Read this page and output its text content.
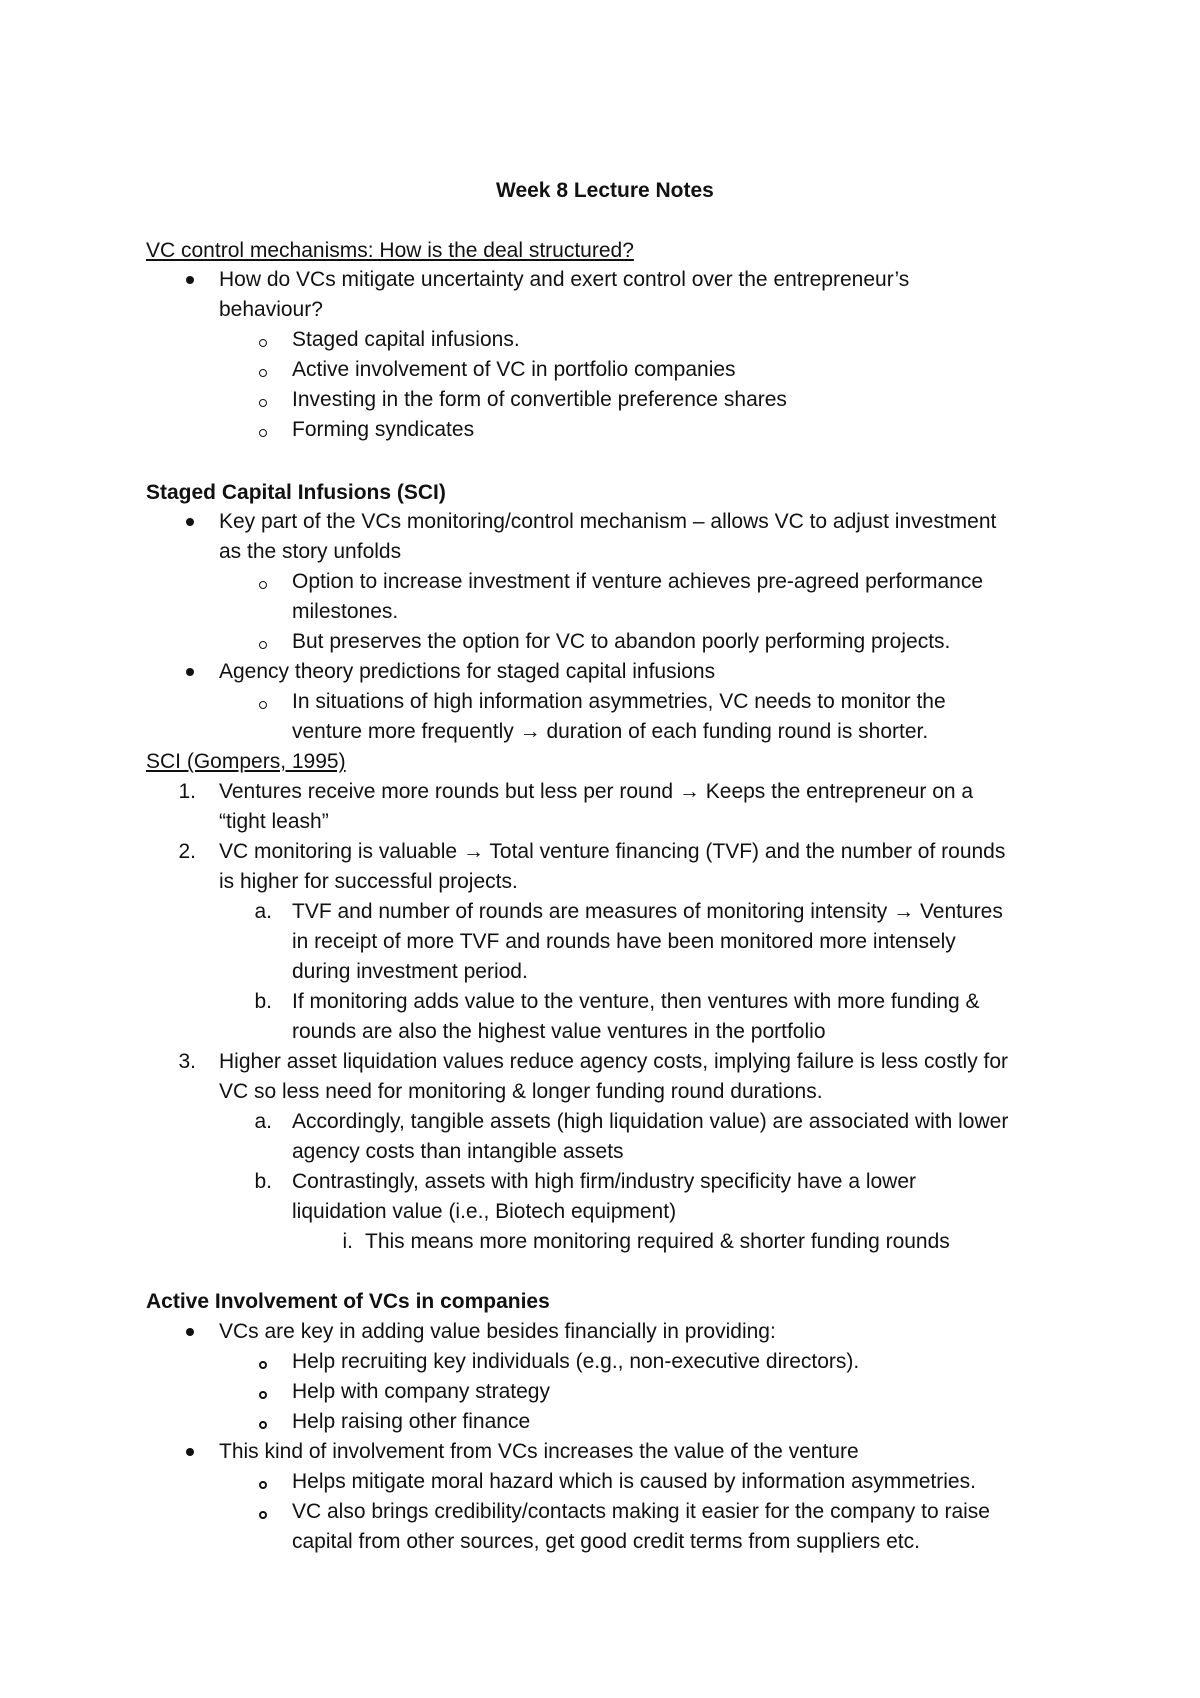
Week 8 Lecture Notes
VC control mechanisms: How is the deal structured?
How do VCs mitigate uncertainty and exert control over the entrepreneur’s
behaviour?
Staged capital infusions.
Active involvement of VC in portfolio companies
Investing in the form of convertible preference shares
Forming syndicates
Staged Capital Infusions (SCI)
Key part of the VCs monitoring/control mechanism – allows VC to adjust investment
as the story unfolds
Option to increase investment if venture achieves pre-agreed performance
milestones.
But preserves the option for VC to abandon poorly performing projects.
Agency theory predictions for staged capital infusions
In situations of high information asymmetries, VC needs to monitor the
venture more frequently → duration of each funding round is shorter.
SCI (Gompers, 1995)
1. Ventures receive more rounds but less per round → Keeps the entrepreneur on a
“tight leash”
2. VC monitoring is valuable → Total venture financing (TVF) and the number of rounds
is higher for successful projects.
a. TVF and number of rounds are measures of monitoring intensity → Ventures
in receipt of more TVF and rounds have been monitored more intensely
during investment period.
b. If monitoring adds value to the venture, then ventures with more funding &
rounds are also the highest value ventures in the portfolio
3. Higher asset liquidation values reduce agency costs, implying failure is less costly for
VC so less need for monitoring & longer funding round durations.
a. Accordingly, tangible assets (high liquidation value) are associated with lower
agency costs than intangible assets
b. Contrastingly, assets with high firm/industry specificity have a lower
liquidation value (i.e., Biotech equipment)
i. This means more monitoring required & shorter funding rounds
Active Involvement of VCs in companies
VCs are key in adding value besides financially in providing:
Help recruiting key individuals (e.g., non-executive directors).
Help with company strategy
Help raising other finance
This kind of involvement from VCs increases the value of the venture
Helps mitigate moral hazard which is caused by information asymmetries.
VC also brings credibility/contacts making it easier for the company to raise
capital from other sources, get good credit terms from suppliers etc.
